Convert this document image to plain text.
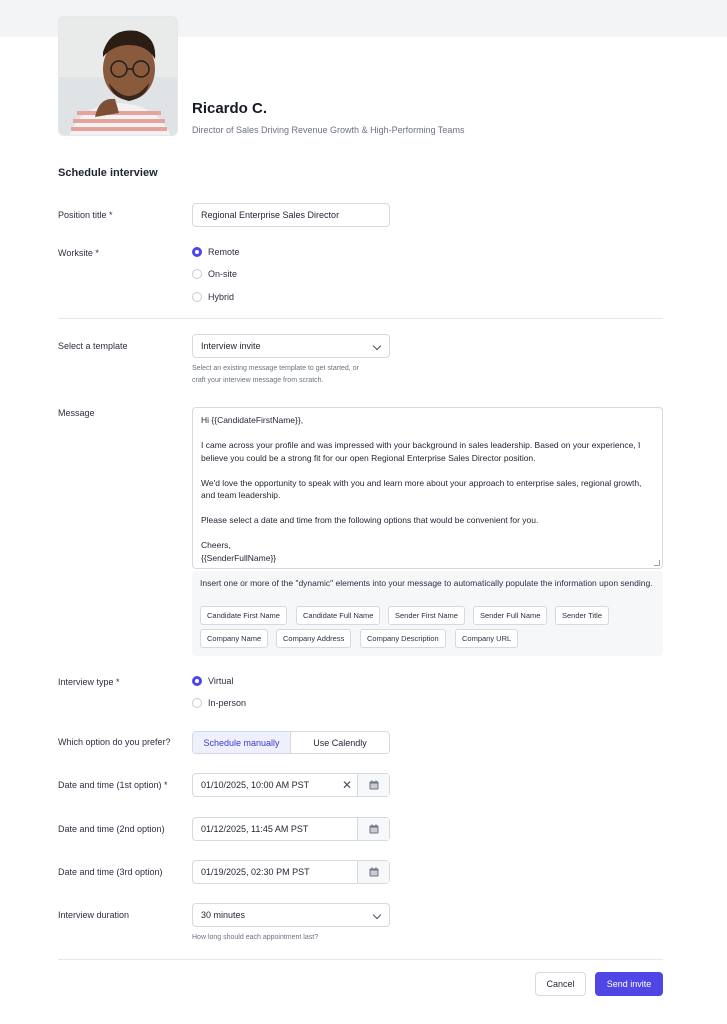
Ricardo C.
Director of Sales Driving Revenue Growth & High-Performing Teams
Schedule interview
Position title *	Regional Enterprise Sales Director
Worksite *	Remote
On-site
Hybrid
Select a template	Interview invite
Select an existing message template to get started, or
craft your interview message from scratch.
Message

Hi {{CandidateFirstName}},

I came across your profile and was impressed with your background in sales leadership. Based on your experience, I believe you could be a strong fit for our open Regional Enterprise Sales Director position.

We'd love the opportunity to speak with you and learn more about your approach to enterprise sales, regional growth, and team leadership.

Please select a date and time from the following options that would be convenient for you.

Cheers,

{{SenderFullName}}

Insert one or more of the "dynamic" elements into your message to automatically populate the information upon sending.
Candidate First Name	Candidate Full Name	Sender First Name	Sender Full Name	Sender Title
Company Name	Company Address	Company Description	Company URL
Interview type *	Virtual
In-person
Which option do you prefer?	Schedule manually	Use Calendly
Date and time (1st option) *	01/10/2025, 10:00 AM PST	✕
Date and time (2nd option)	01/12/2025, 11:45 AM PST
Date and time (3rd option)	01/19/2025, 02:30 PM PST
Interview duration	30 minutes
How long should each appointment last?
Cancel	Send invite
